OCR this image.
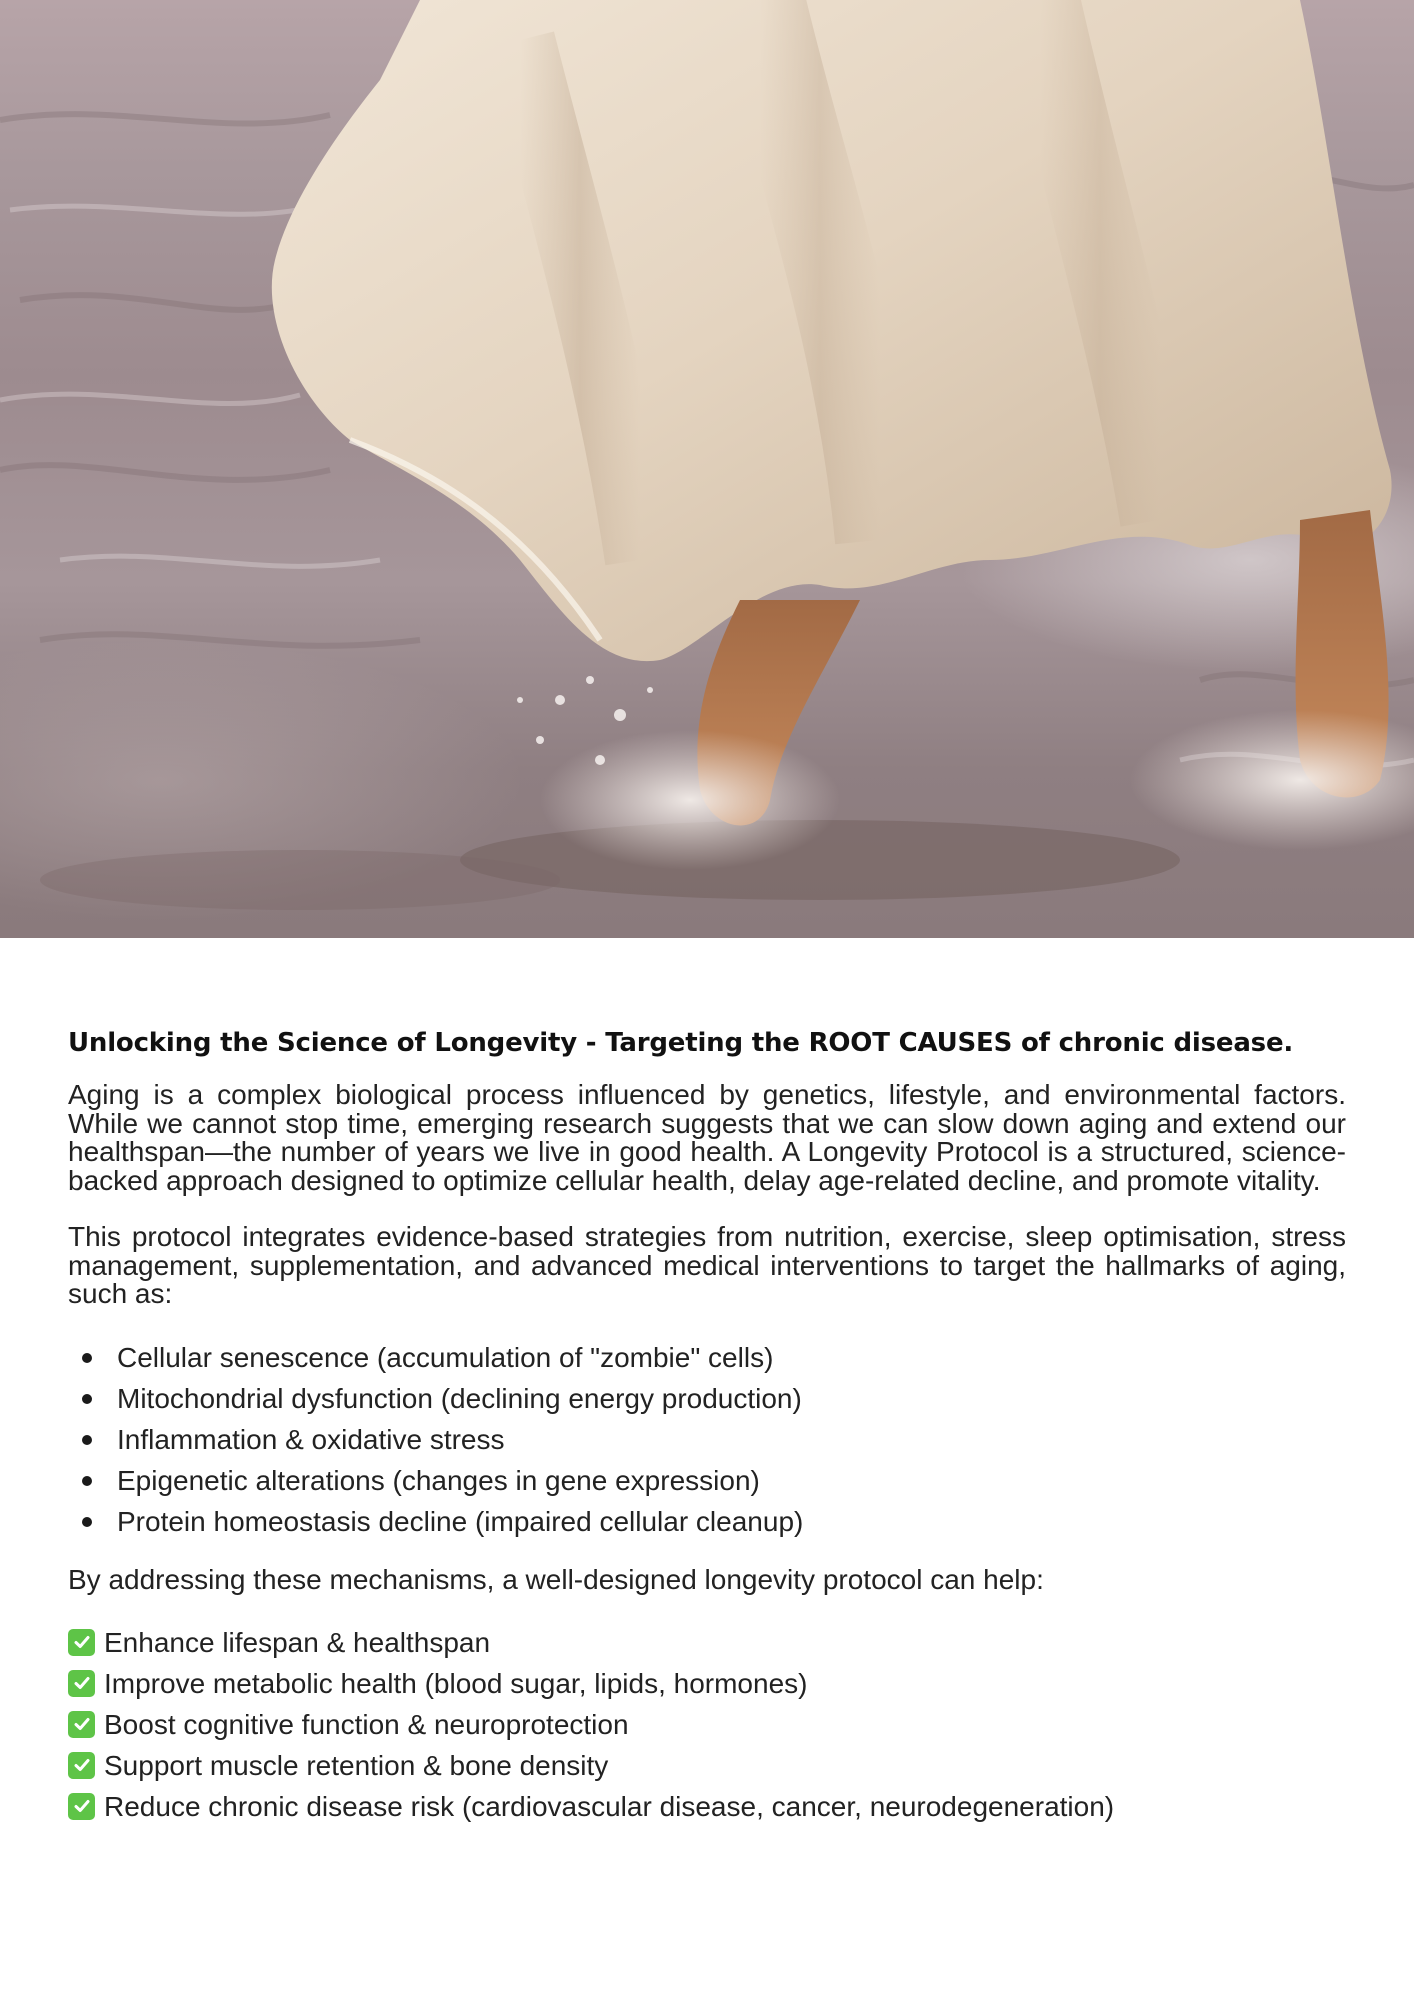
Unlocking the Science of Longevity - Targeting the ROOT CAUSES of chronic disease.

Aging is a complex biological process influenced by genetics, lifestyle, and environmental factors. While we cannot stop time, emerging research suggests that we can slow down aging and extend our healthspan—the number of years we live in good health. A Longevity Protocol is a structured, science-backed approach designed to optimize cellular health, delay age-related decline, and promote vitality.

This protocol integrates evidence-based strategies from nutrition, exercise, sleep optimisation, stress management, supplementation, and advanced medical interventions to target the hallmarks of aging, such as:

Cellular senescence (accumulation of "zombie" cells)
Mitochondrial dysfunction (declining energy production)
Inflammation & oxidative stress
Epigenetic alterations (changes in gene expression)
Protein homeostasis decline (impaired cellular cleanup)

By addressing these mechanisms, a well-designed longevity protocol can help:

Enhance lifespan & healthspan
Improve metabolic health (blood sugar, lipids, hormones)
Boost cognitive function & neuroprotection
Support muscle retention & bone density
Reduce chronic disease risk (cardiovascular disease, cancer, neurodegeneration)
